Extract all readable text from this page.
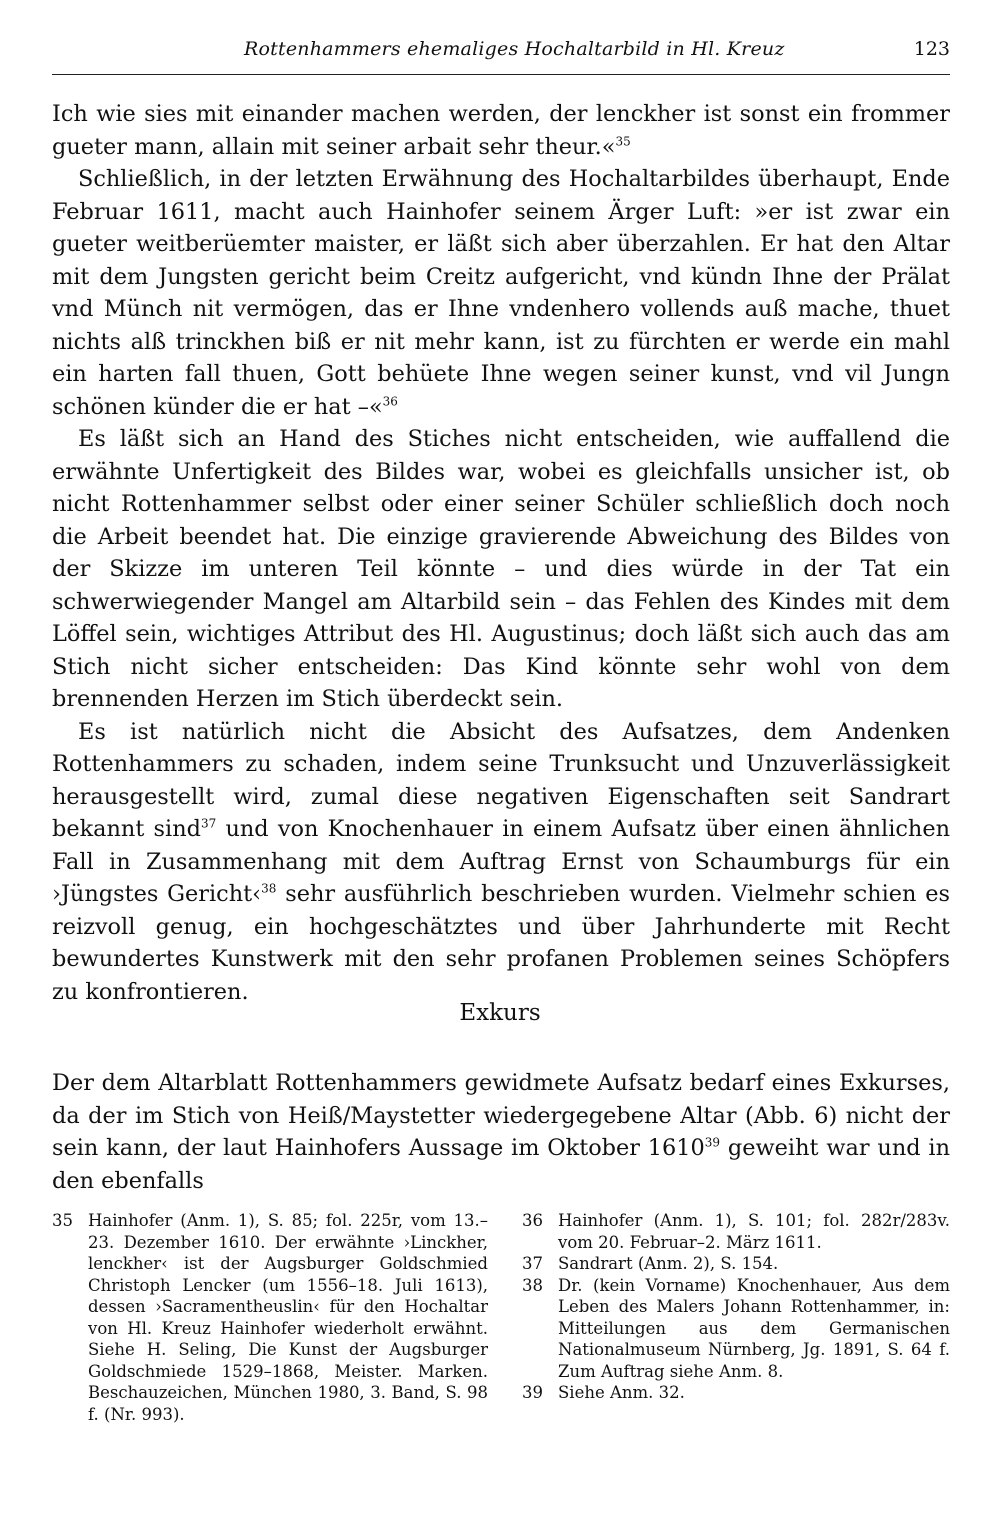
Rottenhammers ehemaliges Hochaltarbild in Hl. Kreuz	123

Ich wie sies mit einander machen werden, der lenckher ist sonst ein frommer gueter mann, allain mit seiner arbait sehr theur.«$^{35}$

Schließlich, in der letzten Erwähnung des Hochaltarbildes überhaupt, Ende Februar 1611, macht auch Hainhofer seinem Ärger Luft: »er ist zwar ein gueter weitberüemter maister, er läßt sich aber überzahlen. Er hat den Altar mit dem Jungsten gericht beim Creitz aufgericht, vnd kündn Ihne der Prälat vnd Münch nit vermögen, das er Ihne vndenhero vollends auß mache, thuet nichts alß trinckhen biß er nit mehr kann, ist zu fürchten er werde ein mahl ein harten fall thuen, Gott behüete Ihne wegen seiner kunst, vnd vil Jungn schönen künder die er hat –«$^{36}$

Es läßt sich an Hand des Stiches nicht entscheiden, wie auffallend die erwähnte Unfertigkeit des Bildes war, wobei es gleichfalls unsicher ist, ob nicht Rottenhammer selbst oder einer seiner Schüler schließlich doch noch die Arbeit beendet hat. Die einzige gravierende Abweichung des Bildes von der Skizze im unteren Teil könnte – und dies würde in der Tat ein schwerwiegender Mangel am Altarbild sein – das Fehlen des Kindes mit dem Löffel sein, wichtiges Attribut des Hl. Augustinus; doch läßt sich auch das am Stich nicht sicher entscheiden: Das Kind könnte sehr wohl von dem brennenden Herzen im Stich überdeckt sein.

Es ist natürlich nicht die Absicht des Aufsatzes, dem Andenken Rottenhammers zu schaden, indem seine Trunksucht und Unzuverlässigkeit herausgestellt wird, zumal diese negativen Eigenschaften seit Sandrart bekannt sind$^{37}$ und von Knochenhauer in einem Aufsatz über einen ähnlichen Fall in Zusammenhang mit dem Auftrag Ernst von Schaumburgs für ein ›Jüngstes Gericht‹$^{38}$ sehr ausführlich beschrieben wurden. Vielmehr schien es reizvoll genug, ein hochgeschätztes und über Jahrhunderte mit Recht bewundertes Kunstwerk mit den sehr profanen Problemen seines Schöpfers zu konfrontieren.

Exkurs
Der dem Altarblatt Rottenhammers gewidmete Aufsatz bedarf eines Exkurses, da der im Stich von Heiß/Maystetter wiedergegebene Altar (Abb. 6) nicht der sein kann, der laut Hainhofers Aussage im Oktober 1610$^{39}$ geweiht war und in den ebenfalls

35 Hainhofer (Anm. 1), S. 85; fol. 225r, vom 13.–23. Dezember 1610. Der erwähnte ›Linckher, lenckher‹ ist der Augsburger Goldschmied Christoph Lencker (um 1556–18. Juli 1613), dessen ›Sacramentheuslin‹ für den Hochaltar von Hl. Kreuz Hainhofer wiederholt erwähnt. Siehe H. Seling, Die Kunst der Augsburger Goldschmiede 1529–1868, Meister. Marken. Beschauzeichen, München 1980, 3. Band, S. 98 f. (Nr. 993).

36 Hainhofer (Anm. 1), S. 101; fol. 282r/283v. vom 20. Februar–2. März 1611.

37 Sandrart (Anm. 2), S. 154.

38 Dr. (kein Vorname) Knochenhauer, Aus dem Leben des Malers Johann Rottenhammer, in: Mitteilungen aus dem Germanischen Nationalmuseum Nürnberg, Jg. 1891, S. 64 f. Zum Auftrag siehe Anm. 8.

39 Siehe Anm. 32.
